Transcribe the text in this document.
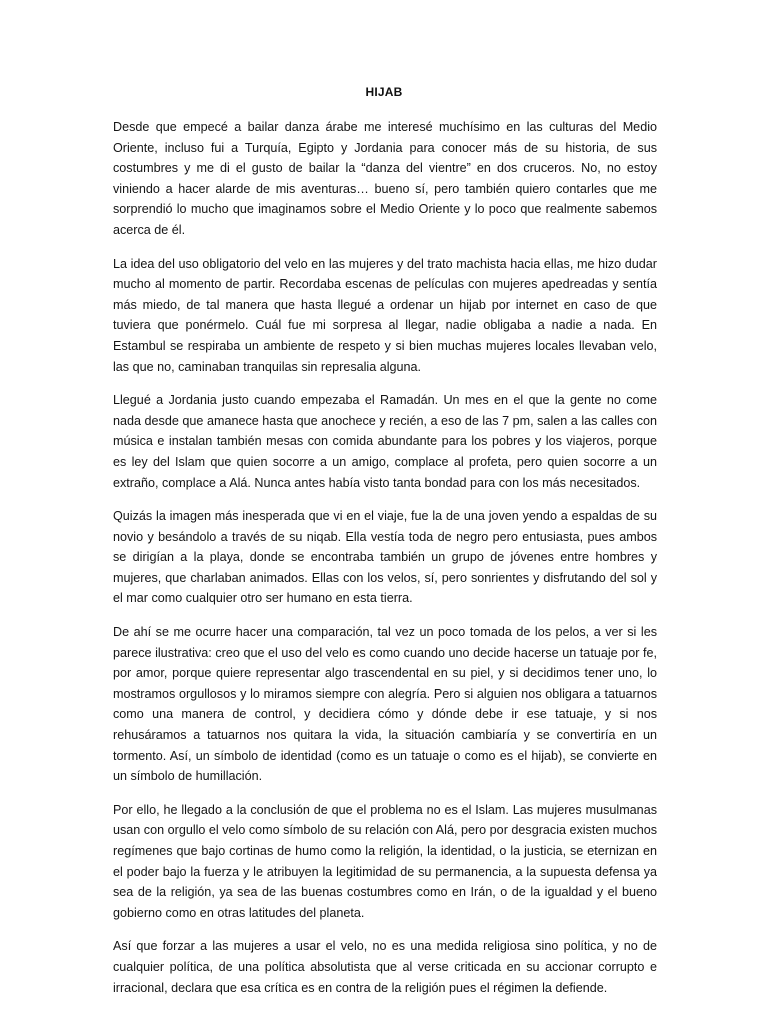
HIJAB

Desde que empecé a bailar danza árabe me interesé muchísimo en las culturas del Medio Oriente, incluso fui a Turquía, Egipto y Jordania para conocer más de su historia, de sus costumbres y me di el gusto de bailar la “danza del vientre” en dos cruceros. No, no estoy viniendo a hacer alarde de mis aventuras… bueno sí, pero también quiero contarles que me sorprendió lo mucho que imaginamos sobre el Medio Oriente y lo poco que realmente sabemos acerca de él.

La idea del uso obligatorio del velo en las mujeres y del trato machista hacia ellas, me hizo dudar mucho al momento de partir. Recordaba escenas de películas con mujeres apedreadas y sentía más miedo, de tal manera que hasta llegué a ordenar un hijab por internet en caso de que tuviera que ponérmelo. Cuál fue mi sorpresa al llegar, nadie obligaba a nadie a nada. En Estambul se respiraba un ambiente de respeto y si bien muchas mujeres locales llevaban velo, las que no, caminaban tranquilas sin represalia alguna.

Llegué a Jordania justo cuando empezaba el Ramadán. Un mes en el que la gente no come nada desde que amanece hasta que anochece y recién, a eso de las 7 pm, salen a las calles con música e instalan también mesas con comida abundante para los pobres y los viajeros, porque es ley del Islam que quien socorre a un amigo, complace al profeta, pero quien socorre a un extraño, complace a Alá. Nunca antes había visto tanta bondad para con los más necesitados.

Quizás la imagen más inesperada que vi en el viaje, fue la de una joven yendo a espaldas de su novio y besándolo a través de su niqab. Ella vestía toda de negro pero entusiasta, pues ambos se dirigían a la playa, donde se encontraba también un grupo de jóvenes entre hombres y mujeres, que charlaban animados. Ellas con los velos, sí, pero sonrientes y disfrutando del sol y el mar como cualquier otro ser humano en esta tierra.

De ahí se me ocurre hacer una comparación, tal vez un poco tomada de los pelos, a ver si les parece ilustrativa: creo que el uso del velo es como cuando uno decide hacerse un tatuaje por fe, por amor, porque quiere representar algo trascendental en su piel, y si decidimos tener uno, lo mostramos orgullosos y lo miramos siempre con alegría. Pero si alguien nos obligara a tatuarnos como una manera de control, y decidiera cómo y dónde debe ir ese tatuaje, y si nos rehusáramos a tatuarnos nos quitara la vida, la situación cambiaría y se convertiría en un tormento. Así, un símbolo de identidad (como es un tatuaje o como es el hijab), se convierte en un símbolo de humillación.

Por ello, he llegado a la conclusión de que el problema no es el Islam. Las mujeres musulmanas usan con orgullo el velo como símbolo de su relación con Alá, pero por desgracia existen muchos regímenes que bajo cortinas de humo como la religión, la identidad, o la justicia, se eternizan en el poder bajo la fuerza y le atribuyen la legitimidad de su permanencia, a la supuesta defensa ya sea de la religión, ya sea de las buenas costumbres como en Irán, o de la igualdad y el bueno gobierno como en otras latitudes del planeta.

Así que forzar a las mujeres a usar el velo, no es una medida religiosa sino política, y no de cualquier política, de una política absolutista que al verse criticada en su accionar corrupto e irracional, declara que esa crítica es en contra de la religión pues el régimen la defiende.
